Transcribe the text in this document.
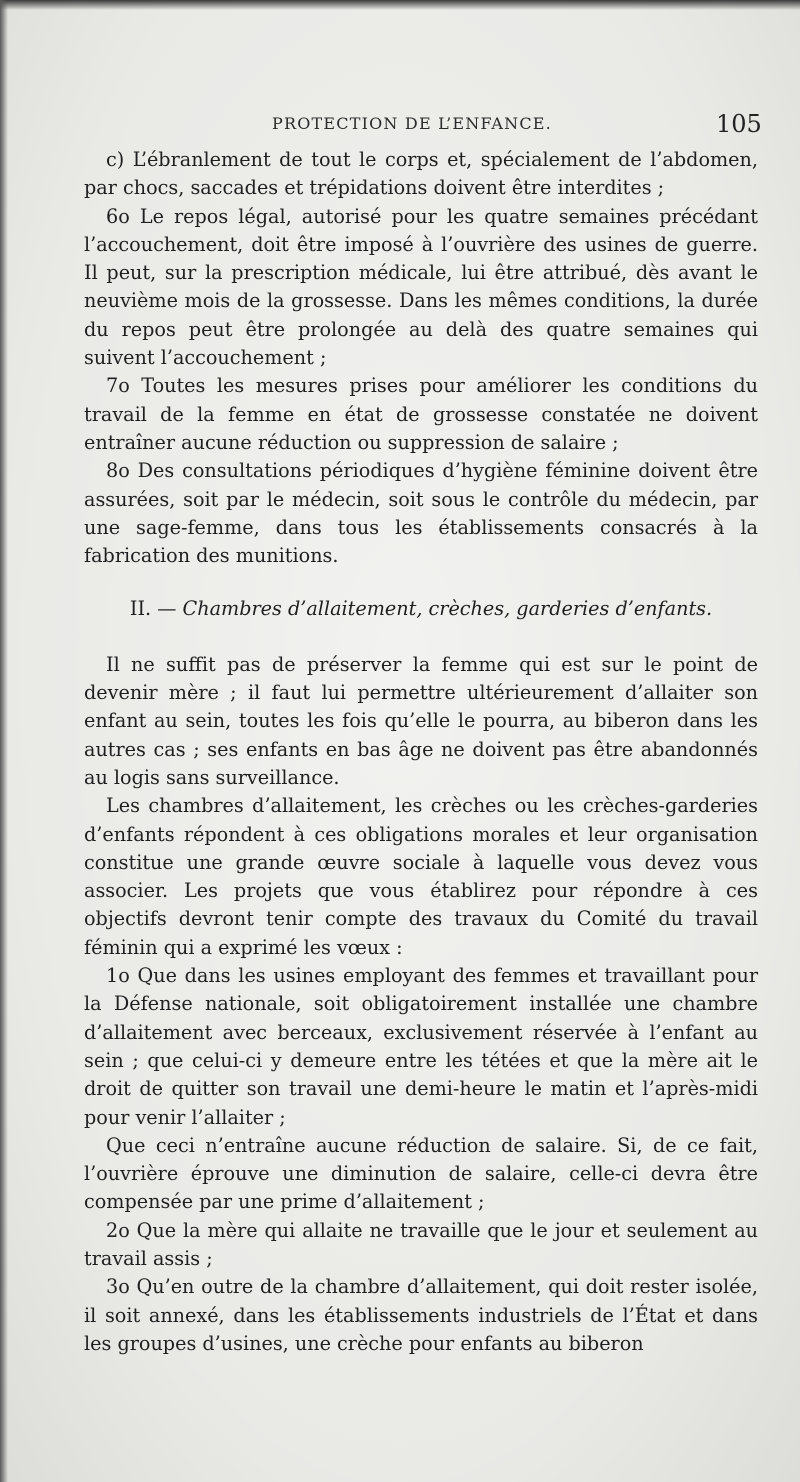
PROTECTION DE L’ENFANCE.	105

c) L’ébranlement de tout le corps et, spécialement de l’abdomen, par chocs, saccades et trépidations doivent être interdites ;

6o Le repos légal, autorisé pour les quatre semaines précédant l’accouchement, doit être imposé à l’ouvrière des usines de guerre. Il peut, sur la prescription médicale, lui être attribué, dès avant le neuvième mois de la grossesse. Dans les mêmes conditions, la durée du repos peut être prolongée au delà des quatre semaines qui suivent l’accouchement ;

7o Toutes les mesures prises pour améliorer les conditions du travail de la femme en état de grossesse constatée ne doivent entraîner aucune réduction ou suppression de salaire ;

8o Des consultations périodiques d’hygiène féminine doivent être assurées, soit par le médecin, soit sous le contrôle du médecin, par une sage-femme, dans tous les établissements consacrés à la fabrication des munitions.

II. — Chambres d’allaitement, crèches, garderies d’enfants.

Il ne suffit pas de préserver la femme qui est sur le point de devenir mère ; il faut lui permettre ultérieurement d’allaiter son enfant au sein, toutes les fois qu’elle le pourra, au biberon dans les autres cas ; ses enfants en bas âge ne doivent pas être abandonnés au logis sans surveillance.

Les chambres d’allaitement, les crèches ou les crèches-garderies d’enfants répondent à ces obligations morales et leur organisation constitue une grande œuvre sociale à laquelle vous devez vous associer. Les projets que vous établirez pour répondre à ces objectifs devront tenir compte des travaux du Comité du travail féminin qui a exprimé les vœux :

1o Que dans les usines employant des femmes et travaillant pour la Défense nationale, soit obligatoirement installée une chambre d’allaitement avec berceaux, exclusivement réservée à l’enfant au sein ; que celui-ci y demeure entre les tétées et que la mère ait le droit de quitter son travail une demi-heure le matin et l’après-midi pour venir l’allaiter ;

Que ceci n’entraîne aucune réduction de salaire. Si, de ce fait, l’ouvrière éprouve une diminution de salaire, celle-ci devra être compensée par une prime d’allaitement ;

2o Que la mère qui allaite ne travaille que le jour et seulement au travail assis ;

3o Qu’en outre de la chambre d’allaitement, qui doit rester isolée, il soit annexé, dans les établissements industriels de l’État et dans les groupes d’usines, une crèche pour enfants au biberon
